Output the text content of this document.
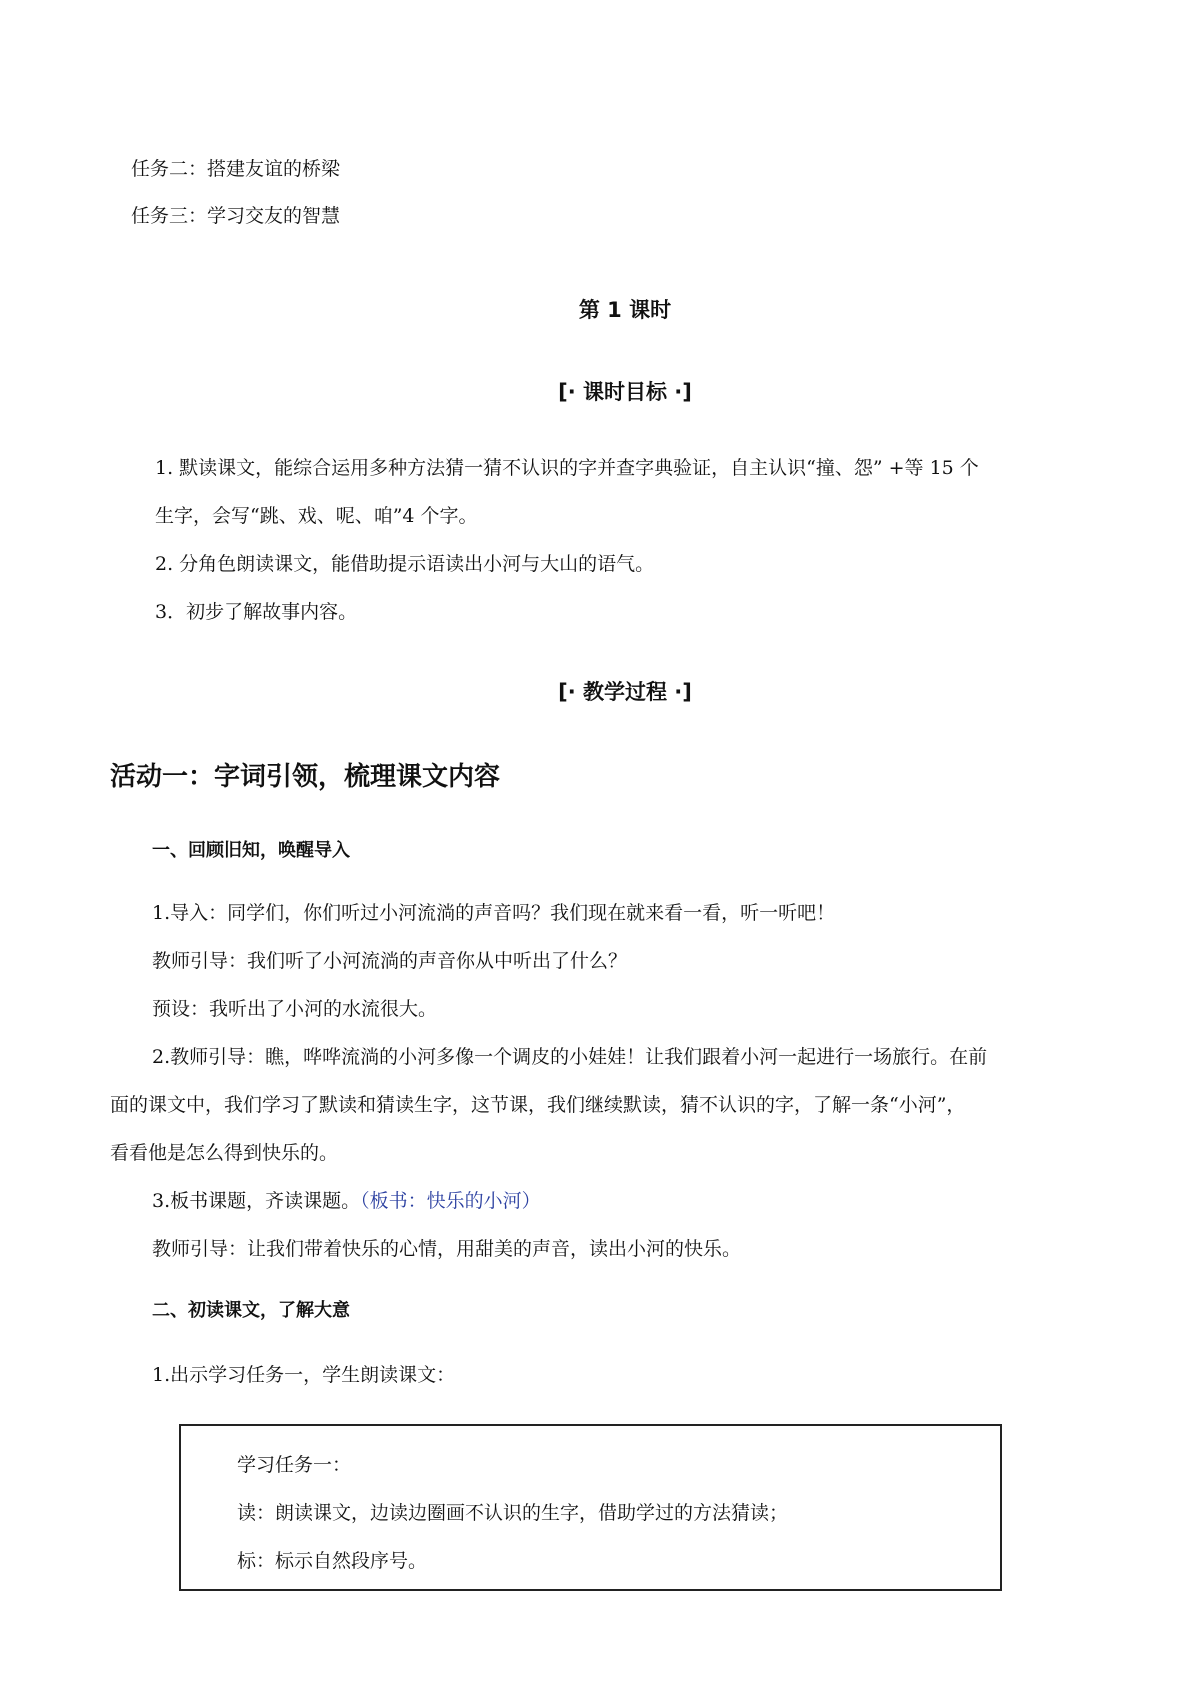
任务二：搭建友谊的桥梁
任务三：学习交友的智慧
第 1 课时
[· 课时目标 ·]
1. 默读课文，能综合运用多种方法猜一猜不认识的字并查字典验证，自主认识“撞、怨” +等 15 个
生字，会写“跳、戏、呢、咱”4 个字。
2. 分角色朗读课文，能借助提示语读出小河与大山的语气。
3．初步了解故事内容。
[· 教学过程 ·]
活动一：字词引领，梳理课文内容
一、回顾旧知，唤醒导入
1.导入：同学们，你们听过小河流淌的声音吗？我们现在就来看一看，听一听吧！
教师引导：我们听了小河流淌的声音你从中听出了什么？
预设：我听出了小河的水流很大。
2.教师引导：瞧，哗哗流淌的小河多像一个调皮的小娃娃！让我们跟着小河一起进行一场旅行。在前
面的课文中，我们学习了默读和猜读生字，这节课，我们继续默读，猜不认识的字，了解一条“小河”，
看看他是怎么得到快乐的。
3.板书课题，齐读课题。（板书：快乐的小河）
教师引导：让我们带着快乐的心情，用甜美的声音，读出小河的快乐。
二、初读课文，了解大意
1.出示学习任务一，学生朗读课文：
学习任务一：
读：朗读课文，边读边圈画不认识的生字，借助学过的方法猜读；
标：标示自然段序号。
